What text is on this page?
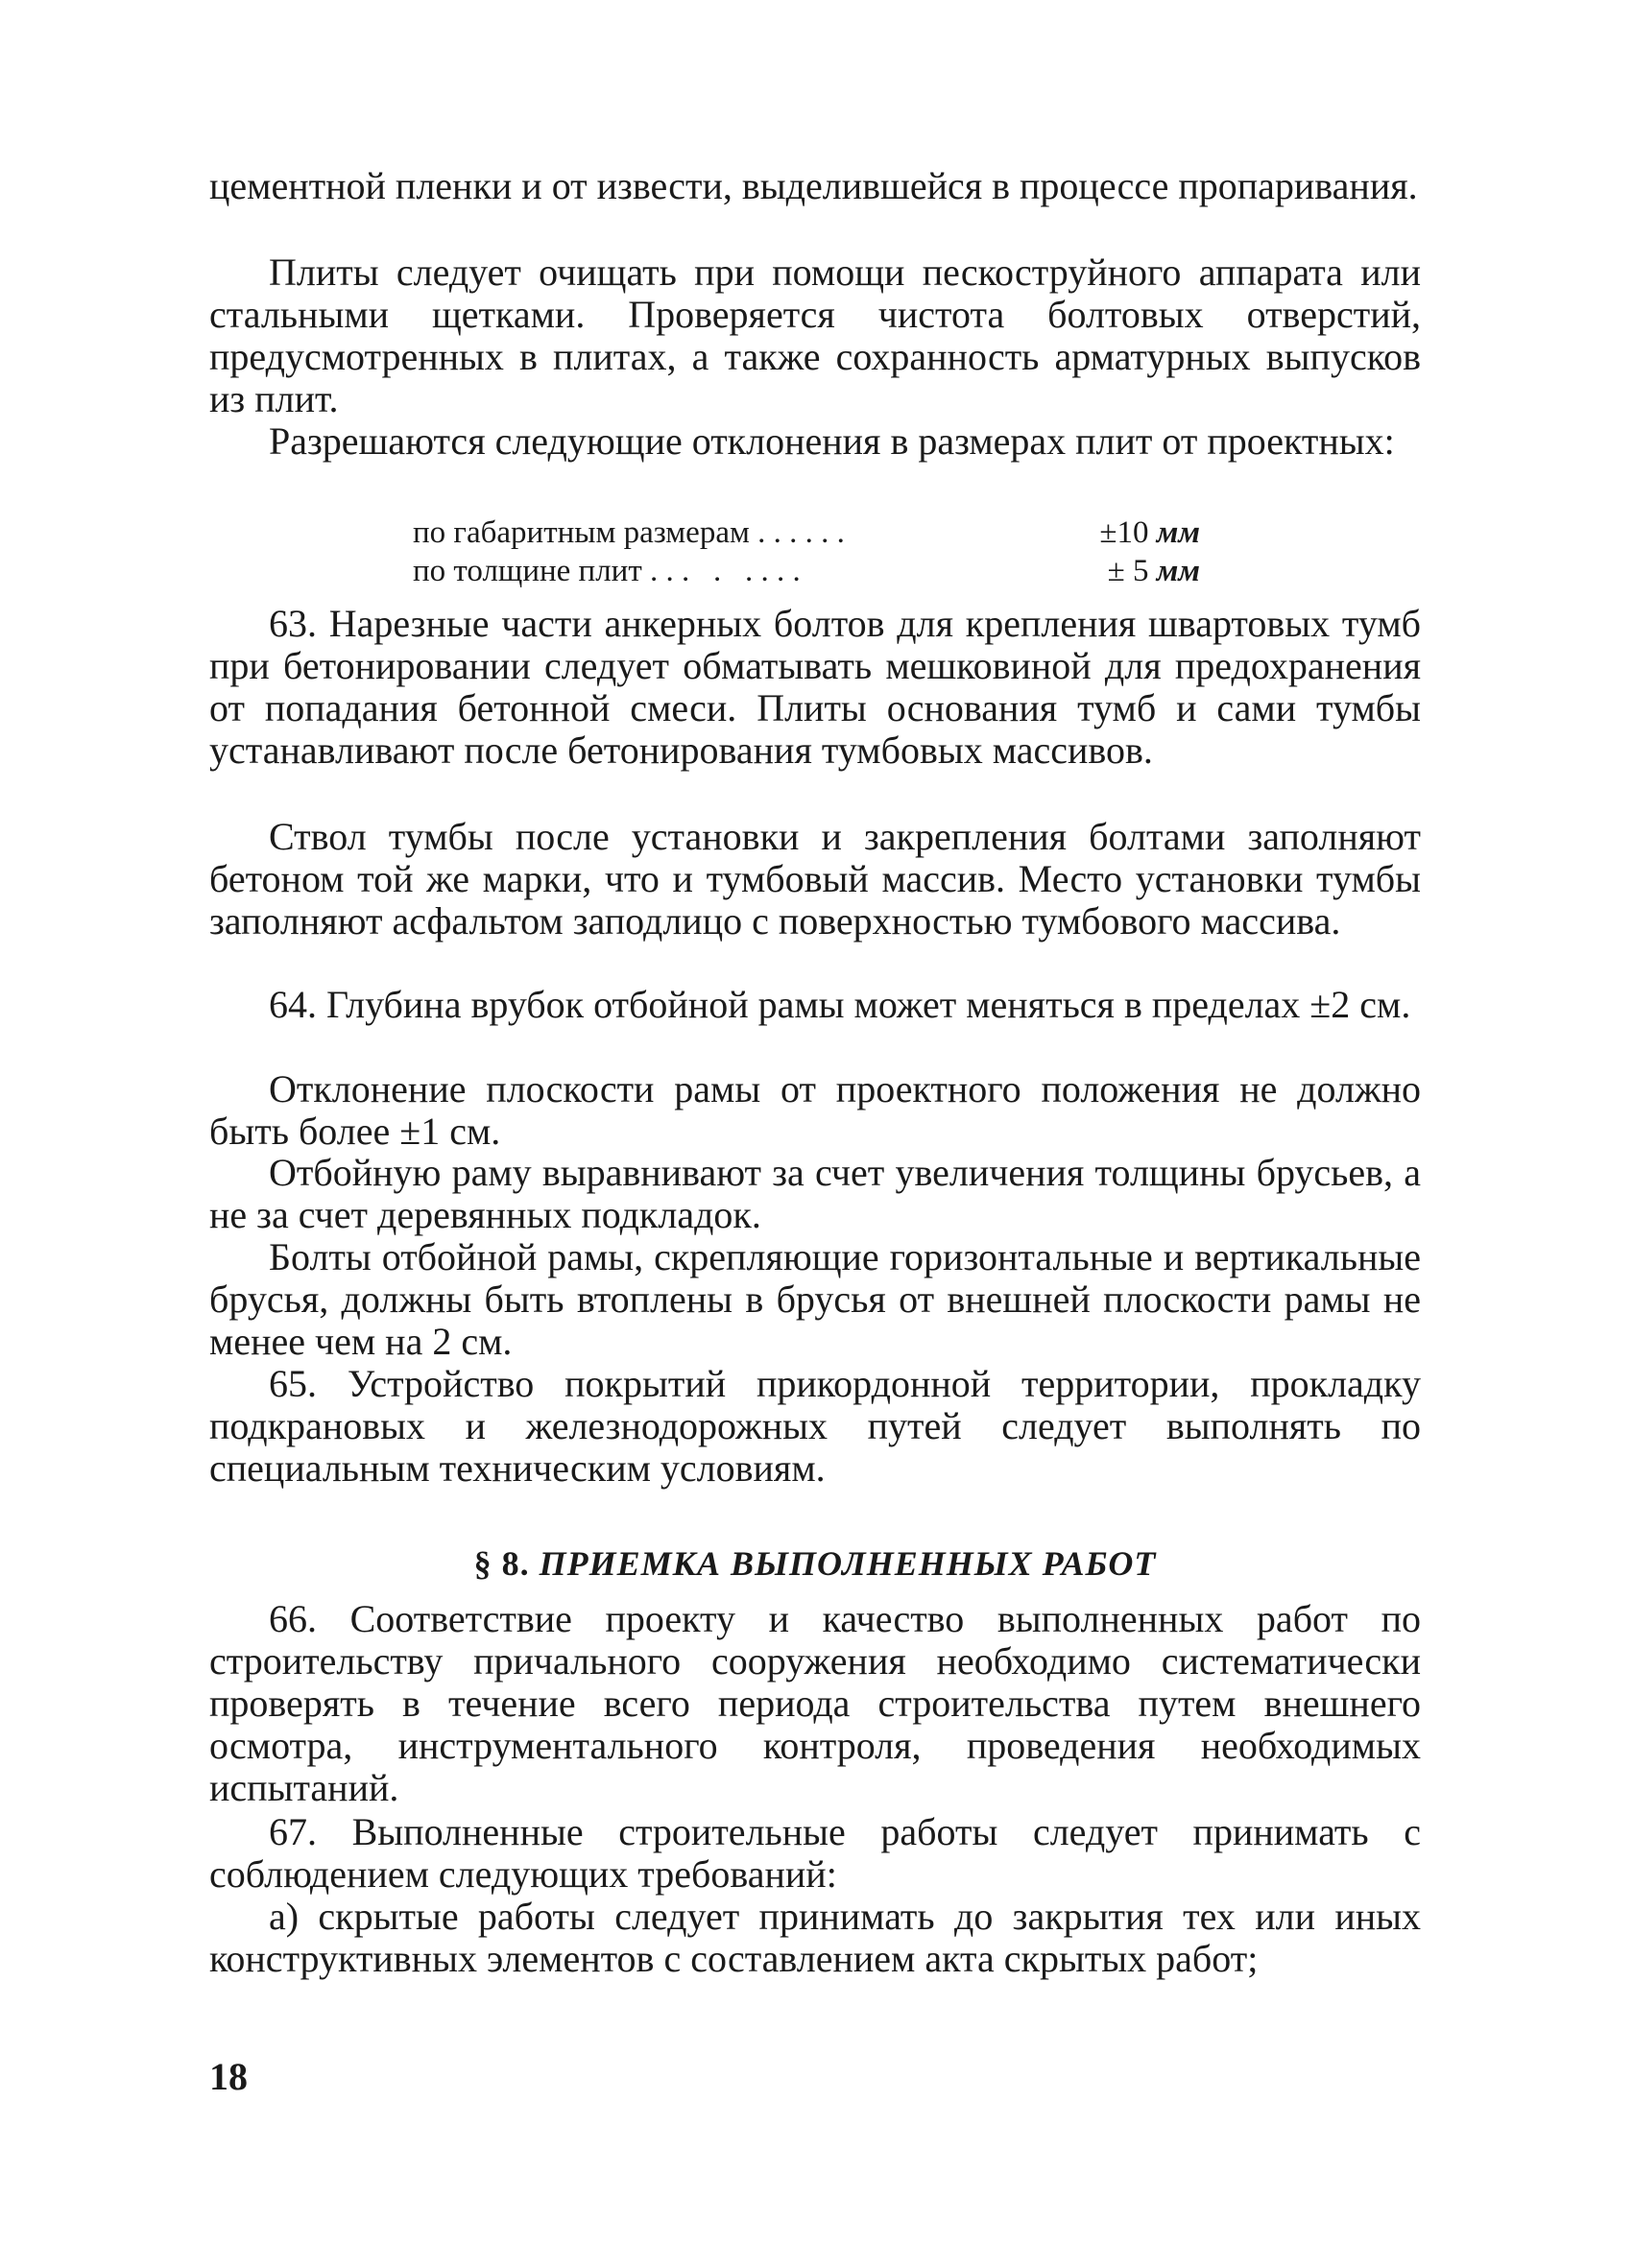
цементной пленки и от извести, выделившейся в процессе пропаривания.

Плиты следует очищать при помощи пескоструйного аппарата или стальными щетками. Проверяется чистота болтовых отверстий, предусмотренных в плитах, а также сохранность арматурных выпусков из плит.

Разрешаются следующие отклонения в размерах плит от проектных:

по габаритным размерам . . . . . .	±10 мм
по толщине плит . . .   .   . . . .	± 5 мм

63. Нарезные части анкерных болтов для крепления швартовых тумб при бетонировании следует обматывать мешковиной для предохранения от попадания бетонной смеси. Плиты основания тумб и сами тумбы устанавливают после бетонирования тумбовых массивов.

Ствол тумбы после установки и закрепления болтами заполняют бетоном той же марки, что и тумбовый массив. Место установки тумбы заполняют асфальтом заподлицо с поверхностью тумбового массива.

64. Глубина врубок отбойной рамы может меняться в пределах ±2 см.

Отклонение плоскости рамы от проектного положения не должно быть более ±1 см.

Отбойную раму выравнивают за счет увеличения толщины брусьев, а не за счет деревянных подкладок.

Болты отбойной рамы, скрепляющие горизонтальные и вертикальные брусья, должны быть втоплены в брусья от внешней плоскости рамы не менее чем на 2 см.

65. Устройство покрытий прикордонной территории, прокладку подкрановых и железнодорожных путей следует выполнять по специальным техническим условиям.

§ 8. ПРИЕМКА ВЫПОЛНЕННЫХ РАБОТ

66. Соответствие проекту и качество выполненных работ по строительству причального сооружения необходимо систематически проверять в течение всего периода строительства путем внешнего осмотра, инструментального контроля, проведения необходимых испытаний.

67. Выполненные строительные работы следует принимать с соблюдением следующих требований:

а) скрытые работы следует принимать до закрытия тех или иных конструктивных элементов с составлением акта скрытых работ;

18
